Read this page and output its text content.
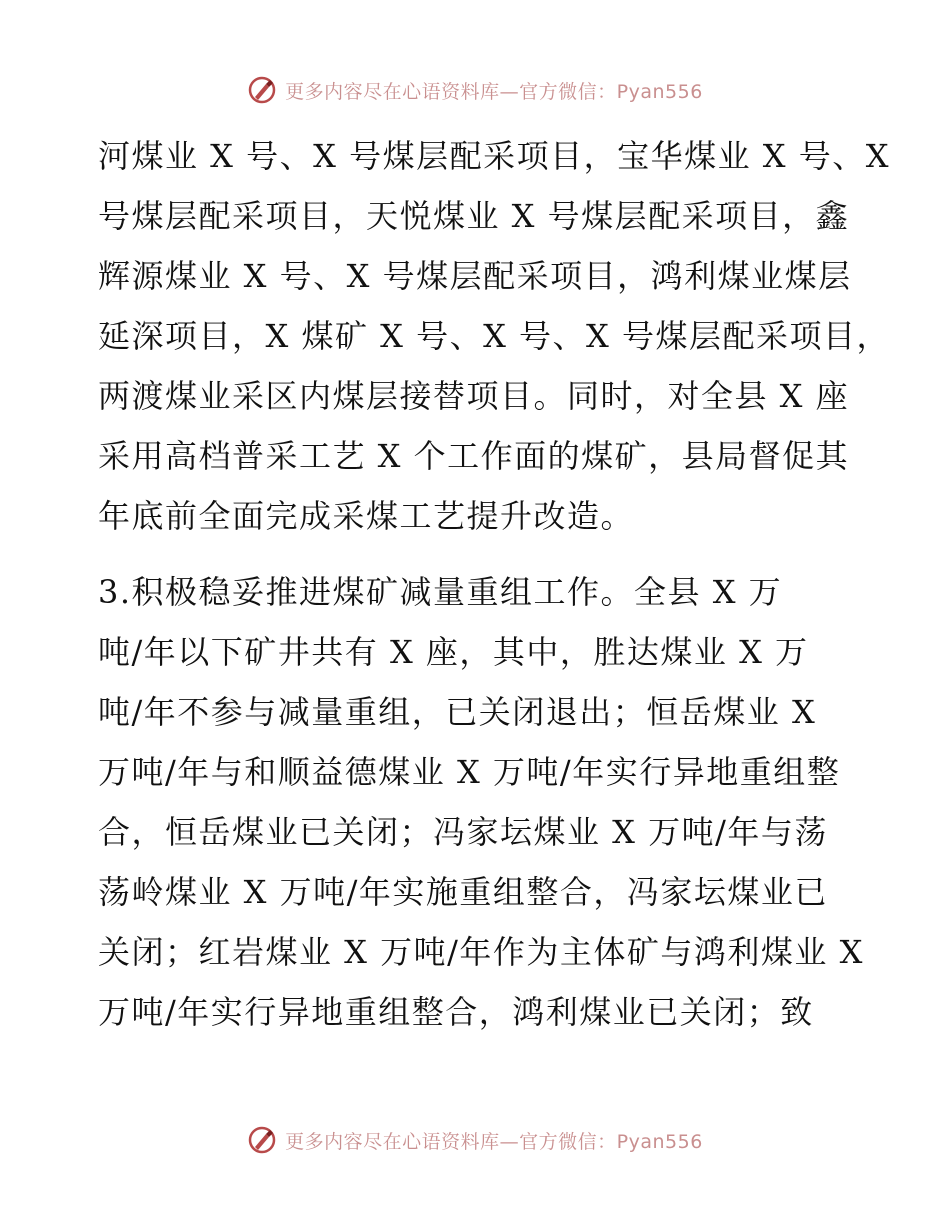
更多内容尽在心语资料库—官方微信：Pyan556
河煤业 X 号、X 号煤层配采项目，宝华煤业 X 号、X
号煤层配采项目，天悦煤业 X 号煤层配采项目，鑫
辉源煤业 X 号、X 号煤层配采项目，鸿利煤业煤层
延深项目，X 煤矿 X 号、X 号、X 号煤层配采项目，
两渡煤业采区内煤层接替项目。同时，对全县 X 座
采用高档普采工艺 X 个工作面的煤矿，县局督促其
年底前全面完成采煤工艺提升改造。
3.积极稳妥推进煤矿减量重组工作。全县 X 万
吨/年以下矿井共有 X 座，其中，胜达煤业 X 万
吨/年不参与减量重组，已关闭退出；恒岳煤业 X
万吨/年与和顺益德煤业 X 万吨/年实行异地重组整
合，恒岳煤业已关闭；冯家坛煤业 X 万吨/年与荡
荡岭煤业 X 万吨/年实施重组整合，冯家坛煤业已
关闭；红岩煤业 X 万吨/年作为主体矿与鸿利煤业 X
万吨/年实行异地重组整合，鸿利煤业已关闭；致
更多内容尽在心语资料库—官方微信：Pyan556
